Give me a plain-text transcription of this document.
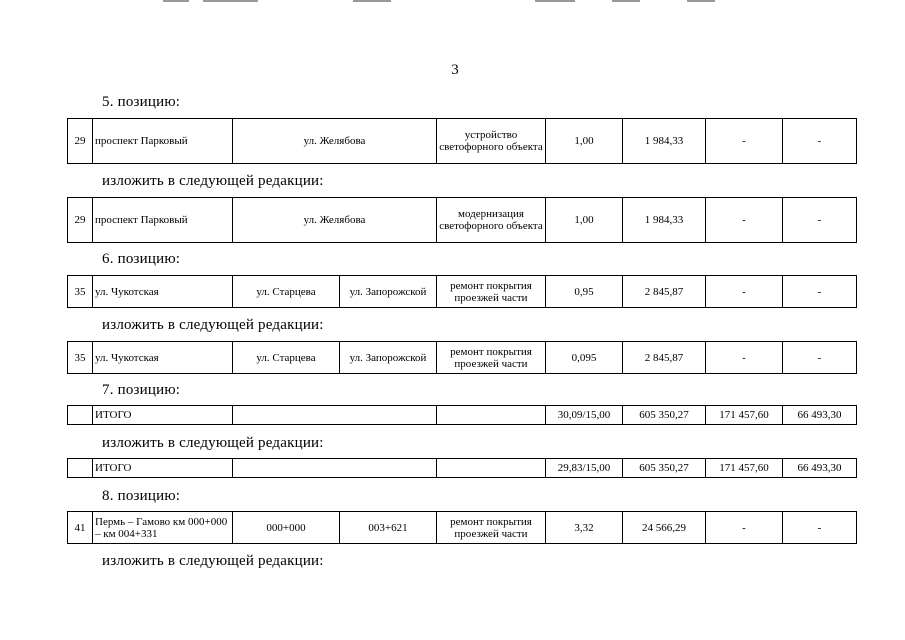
3
5. позицию:
29	проспект Парковый	ул. Желябова	устройство светофорного объекта	1,00	1 984,33	-	-
изложить в следующей редакции:
29	проспект Парковый	ул. Желябова	модернизация светофорного объекта	1,00	1 984,33	-	-
6. позицию:
35	ул. Чукотская	ул. Старцева	ул. Запорожской	ремонт покрытия проезжей части	0,95	2 845,87	-	-
изложить в следующей редакции:
35	ул. Чукотская	ул. Старцева	ул. Запорожской	ремонт покрытия проезжей части	0,095	2 845,87	-	-
7. позицию:
	ИТОГО			30,09/15,00	605 350,27	171 457,60	66 493,30
изложить в следующей редакции:
	ИТОГО			29,83/15,00	605 350,27	171 457,60	66 493,30
8. позицию:
41	Пермь – Гамово км 000+000 – км 004+331	000+000	003+621	ремонт покрытия проезжей части	3,32	24 566,29	-	-
изложить в следующей редакции:
